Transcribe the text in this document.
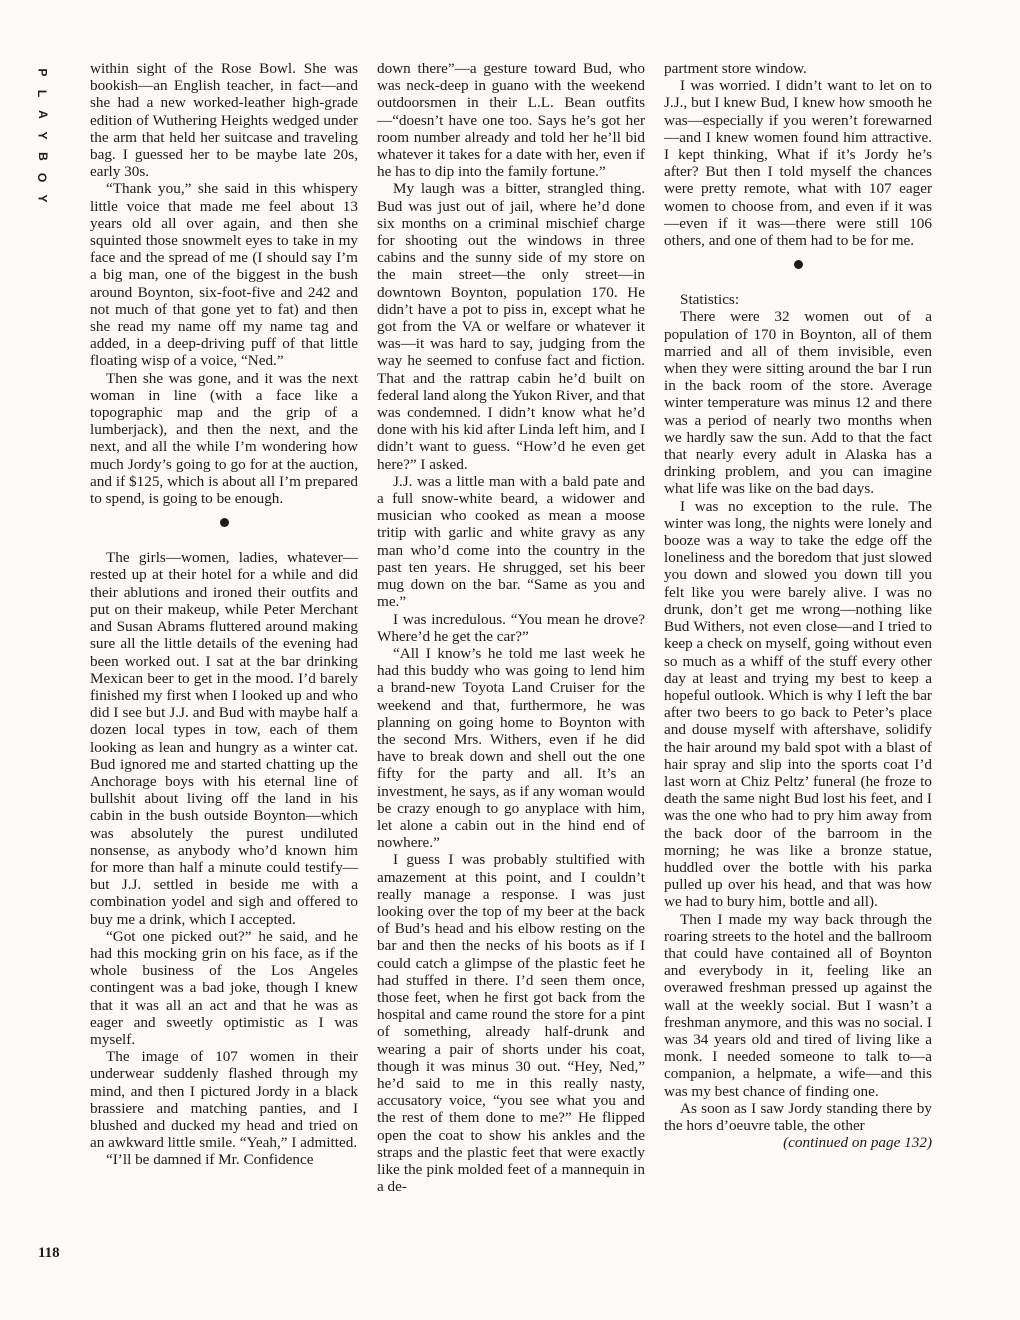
P
L
A
Y
B
O
Y
118

within sight of the Rose Bowl. She was bookish—an English teacher, in fact—and she had a new worked-leather high-grade edition of Wuthering Heights wedged under the arm that held her suitcase and traveling bag. I guessed her to be maybe late 20s, early 30s.

“Thank you,” she said in this whispery little voice that made me feel about 13 years old all over again, and then she squinted those snowmelt eyes to take in my face and the spread of me (I should say I’m a big man, one of the biggest in the bush around Boynton, six-foot-five and 242 and not much of that gone yet to fat) and then she read my name off my name tag and added, in a deep-driving puff of that little floating wisp of a voice, “Ned.”

Then she was gone, and it was the next woman in line (with a face like a topographic map and the grip of a lumberjack), and then the next, and the next, and all the while I’m wondering how much Jordy’s going to go for at the auction, and if $125, which is about all I’m prepared to spend, is going to be enough.

The girls—women, ladies, whatever—rested up at their hotel for a while and did their ablutions and ironed their outfits and put on their makeup, while Peter Merchant and Susan Abrams fluttered around making sure all the little details of the evening had been worked out. I sat at the bar drinking Mexican beer to get in the mood. I’d barely finished my first when I looked up and who did I see but J.J. and Bud with maybe half a dozen local types in tow, each of them looking as lean and hungry as a winter cat. Bud ignored me and started chatting up the Anchorage boys with his eternal line of bullshit about living off the land in his cabin in the bush outside Boynton—which was absolutely the purest undiluted nonsense, as anybody who’d known him for more than half a minute could testify—but J.J. settled in beside me with a combination yodel and sigh and offered to buy me a drink, which I accepted.

“Got one picked out?” he said, and he had this mocking grin on his face, as if the whole business of the Los Angeles contingent was a bad joke, though I knew that it was all an act and that he was as eager and sweetly optimistic as I was myself.

The image of 107 women in their underwear suddenly flashed through my mind, and then I pictured Jordy in a black brassiere and matching panties, and I blushed and ducked my head and tried on an awkward little smile. “Yeah,” I admitted.

“I’ll be damned if Mr. Confidence

down there”—a gesture toward Bud, who was neck-deep in guano with the weekend outdoorsmen in their L.L. Bean outfits—“doesn’t have one too. Says he’s got her room number already and told her he’ll bid whatever it takes for a date with her, even if he has to dip into the family fortune.”

My laugh was a bitter, strangled thing. Bud was just out of jail, where he’d done six months on a criminal mischief charge for shooting out the windows in three cabins and the sunny side of my store on the main street—the only street—in downtown Boynton, population 170. He didn’t have a pot to piss in, except what he got from the VA or welfare or whatever it was—it was hard to say, judging from the way he seemed to confuse fact and fiction. That and the rattrap cabin he’d built on federal land along the Yukon River, and that was condemned. I didn’t know what he’d done with his kid after Linda left him, and I didn’t want to guess. “How’d he even get here?” I asked.

J.J. was a little man with a bald pate and a full snow-white beard, a widower and musician who cooked as mean a moose tritip with garlic and white gravy as any man who’d come into the country in the past ten years. He shrugged, set his beer mug down on the bar. “Same as you and me.”

I was incredulous. “You mean he drove? Where’d he get the car?”

“All I know’s he told me last week he had this buddy who was going to lend him a brand-new Toyota Land Cruiser for the weekend and that, furthermore, he was planning on going home to Boynton with the second Mrs. Withers, even if he did have to break down and shell out the one fifty for the party and all. It’s an investment, he says, as if any woman would be crazy enough to go anyplace with him, let alone a cabin out in the hind end of nowhere.”

I guess I was probably stultified with amazement at this point, and I couldn’t really manage a response. I was just looking over the top of my beer at the back of Bud’s head and his elbow resting on the bar and then the necks of his boots as if I could catch a glimpse of the plastic feet he had stuffed in there. I’d seen them once, those feet, when he first got back from the hospital and came round the store for a pint of something, already half-drunk and wearing a pair of shorts under his coat, though it was minus 30 out. “Hey, Ned,” he’d said to me in this really nasty, accusatory voice, “you see what you and the rest of them done to me?” He flipped open the coat to show his ankles and the straps and the plastic feet that were exactly like the pink molded feet of a mannequin in a de-

partment store window.

I was worried. I didn’t want to let on to J.J., but I knew Bud, I knew how smooth he was—especially if you weren’t forewarned—and I knew women found him attractive. I kept thinking, What if it’s Jordy he’s after? But then I told myself the chances were pretty remote, what with 107 eager women to choose from, and even if it was—even if it was—there were still 106 others, and one of them had to be for me.

Statistics:

There were 32 women out of a population of 170 in Boynton, all of them married and all of them invisible, even when they were sitting around the bar I run in the back room of the store. Average winter temperature was minus 12 and there was a period of nearly two months when we hardly saw the sun. Add to that the fact that nearly every adult in Alaska has a drinking problem, and you can imagine what life was like on the bad days.

I was no exception to the rule. The winter was long, the nights were lonely and booze was a way to take the edge off the loneliness and the boredom that just slowed you down and slowed you down till you felt like you were barely alive. I was no drunk, don’t get me wrong—nothing like Bud Withers, not even close—and I tried to keep a check on myself, going without even so much as a whiff of the stuff every other day at least and trying my best to keep a hopeful outlook. Which is why I left the bar after two beers to go back to Peter’s place and douse myself with aftershave, solidify the hair around my bald spot with a blast of hair spray and slip into the sports coat I’d last worn at Chiz Peltz’ funeral (he froze to death the same night Bud lost his feet, and I was the one who had to pry him away from the back door of the barroom in the morning; he was like a bronze statue, huddled over the bottle with his parka pulled up over his head, and that was how we had to bury him, bottle and all).

Then I made my way back through the roaring streets to the hotel and the ballroom that could have contained all of Boynton and everybody in it, feeling like an overawed freshman pressed up against the wall at the weekly social. But I wasn’t a freshman anymore, and this was no social. I was 34 years old and tired of living like a monk. I needed someone to talk to—a companion, a helpmate, a wife—and this was my best chance of finding one.

As soon as I saw Jordy standing there by the hors d’oeuvre table, the other

(continued on page 132)
